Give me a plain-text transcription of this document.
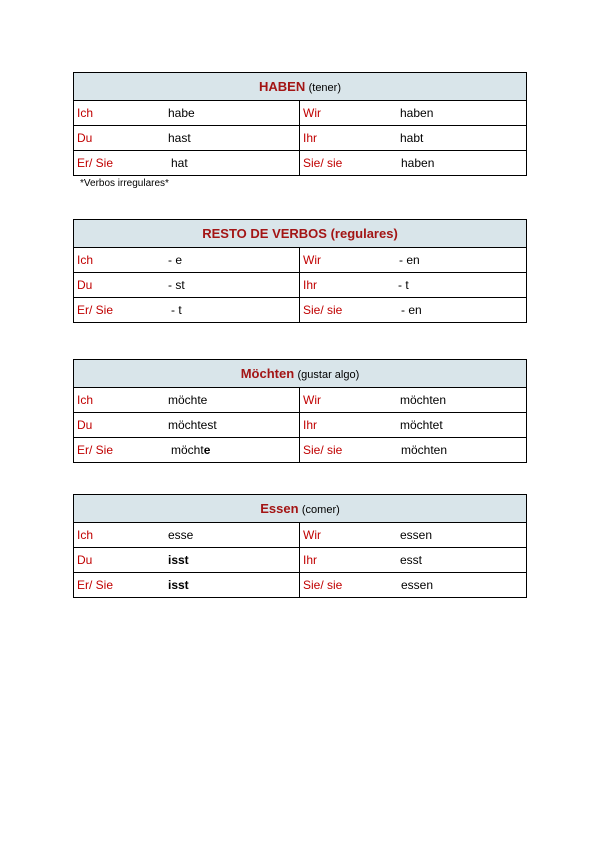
HABEN (tener)	

Ich habe	Wir haben

Du hast	Ihr habt

Er/ Sie hat	Sie/ sie haben
*Verbos irregulares*
RESTO DE VERBOS (regulares)	

Ich - e	Wir - en

Du - st	Ihr - t

Er/ Sie - t	Sie/ sie - en
Möchten (gustar algo)	

Ich möchte	Wir möchten

Du möchtest	Ihr möchtet

Er/ Sie möchte	Sie/ sie möchten
Essen (comer)	

Ich esse	Wir essen

Du isst	Ihr esst

Er/ Sie isst	Sie/ sie essen
